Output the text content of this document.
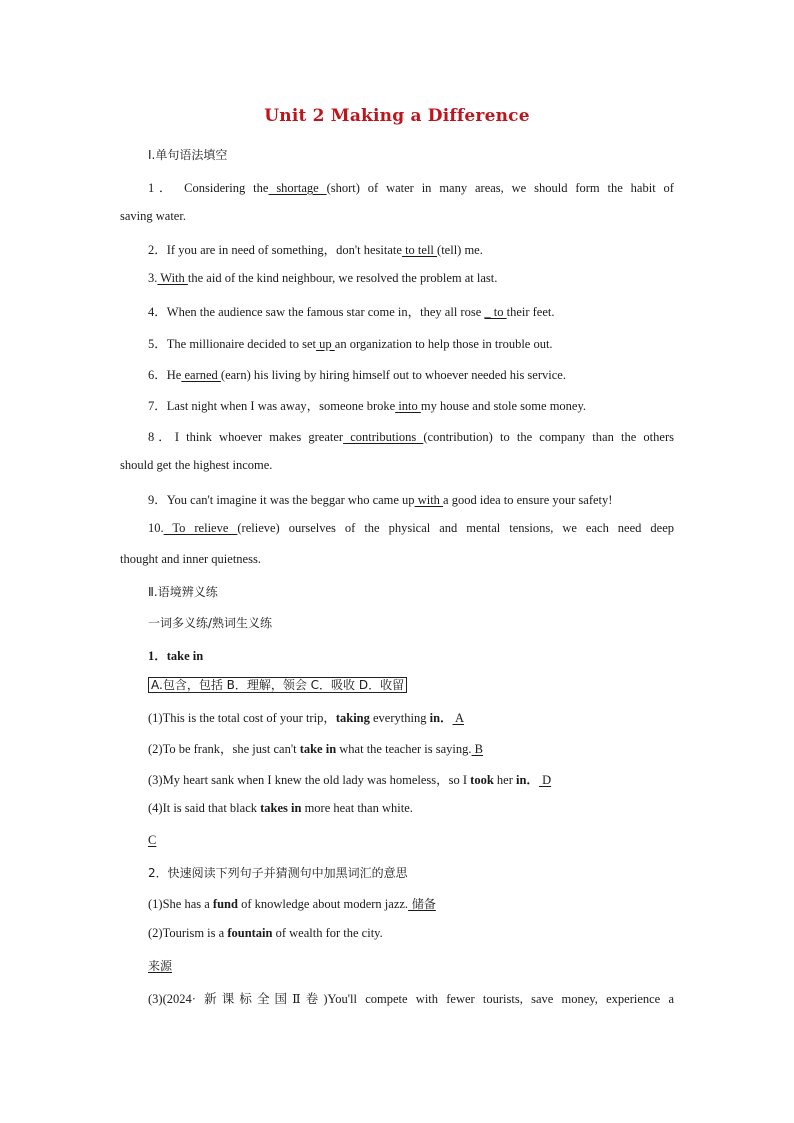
Unit 2 Making a Difference
Ⅰ.单句语法填空
1． Considering the shortage (short) of water in many areas, we should form the habit of
saving water.
2．If you are in need of something，don't hesitate to tell (tell) me.
3. With the aid of the kind neighbour, we resolved the problem at last.
4．When the audience saw the famous star come in，they all rose _ to their feet.
5．The millionaire decided to set up an organization to help those in trouble out.
6．He earned (earn) his living by hiring himself out to whoever needed his service.
7．Last night when I was away，someone broke into my house and stole some money.
8．I think whoever makes greater contributions (contribution) to the company than the others
should get the highest income.
9．You can't imagine it was the beggar who came up with a good idea to ensure your safety!
10. To relieve (relieve) ourselves of the physical and mental tensions, we each need deep
thought and inner quietness.
Ⅱ.语境辨义练
一词多义练/熟词生义练
1．take in
A.包含，包括 B．理解，领会 C．吸收 D．收留
(1)This is the total cost of your trip，taking everything in． A
(2)To be frank，she just can't take in what the teacher is saying. B
(3)My heart sank when I knew the old lady was homeless，so I took her in． D
(4)It is said that black takes in more heat than white.
C
2．快速阅读下列句子并猜测句中加黑词汇的意思
(1)She has a fund of knowledge about modern jazz. 储备
(2)Tourism is a fountain of wealth for the city.
来源
(3)(2024· 新课标全国Ⅱ卷)You'll compete with fewer tourists, save money, experience a
